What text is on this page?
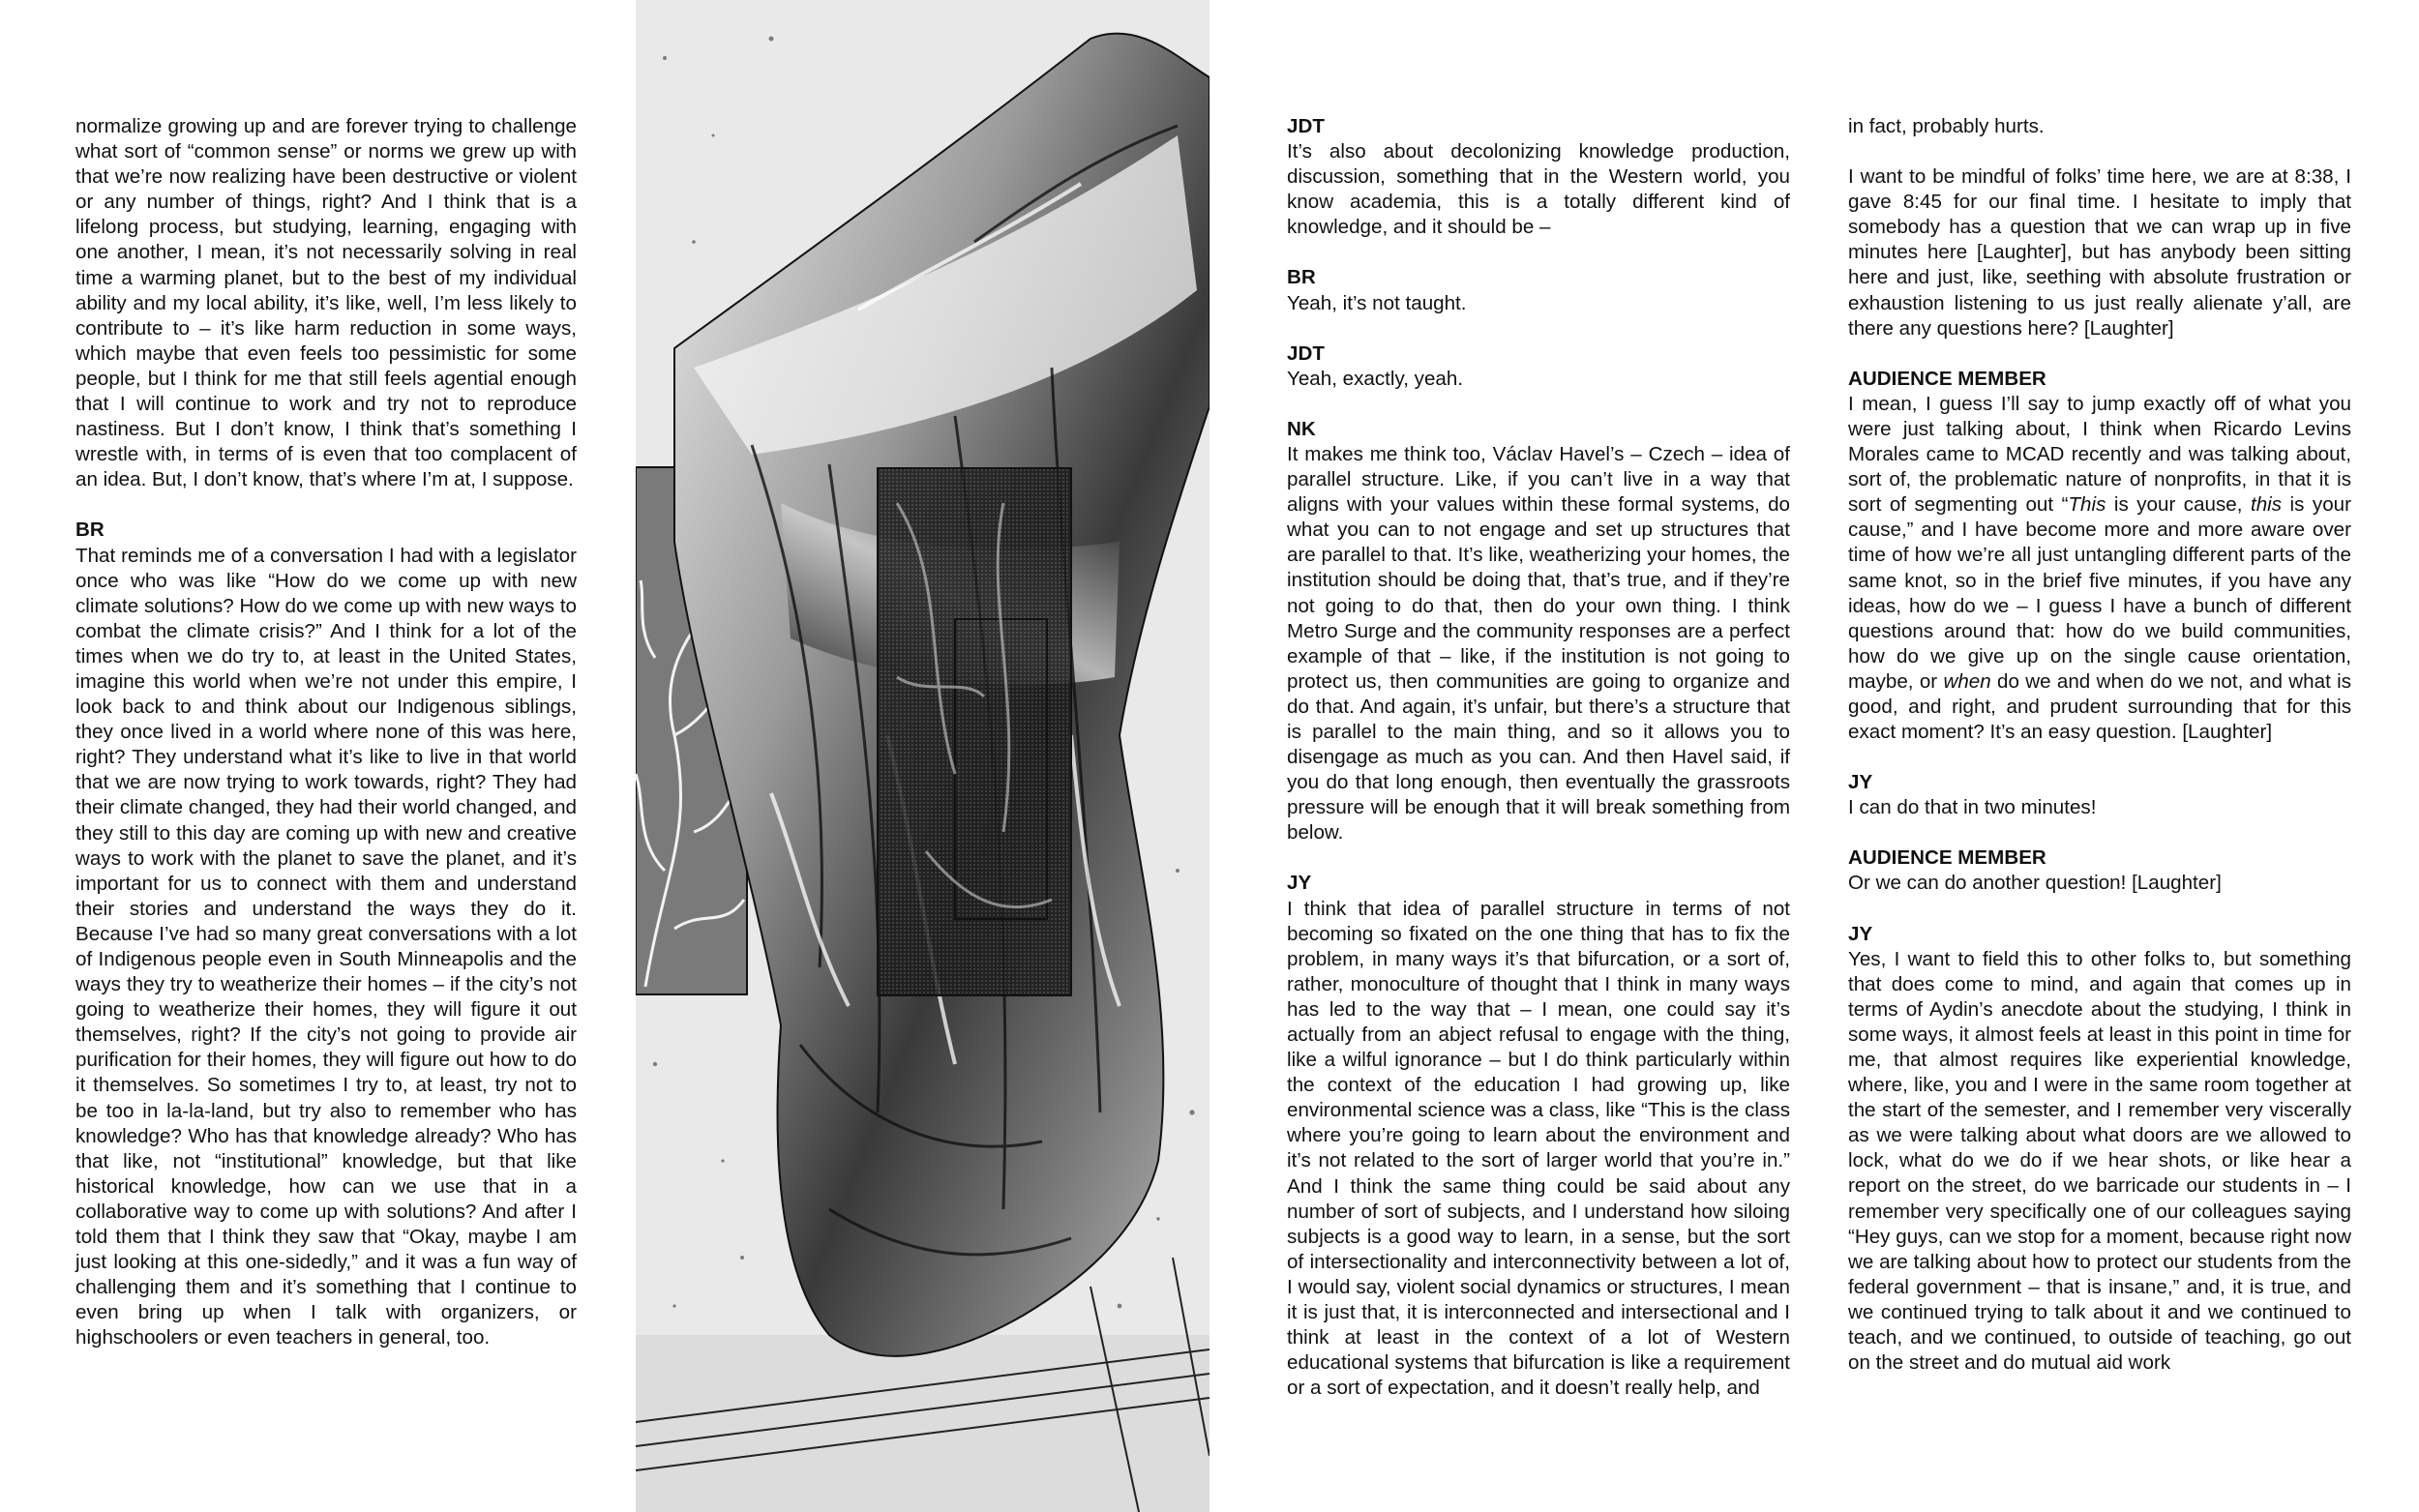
normalize growing up and are forever trying to challenge what sort of “common sense” or norms we grew up with that we’re now realizing have been destructive or violent or any number of things, right? And I think that is a lifelong process, but studying, learning, engaging with one another, I mean, it’s not necessarily solving in real time a warming planet, but to the best of my individual ability and my local ability, it’s like, well, I’m less likely to contribute to – it’s like harm reduction in some ways, which maybe that even feels too pessimistic for some people, but I think for me that still feels agential enough that I will continue to work and try not to reproduce nastiness. But I don’t know, I think that’s something I wrestle with, in terms of is even that too complacent of an idea. But, I don’t know, that’s where I’m at, I suppose.

BR
That reminds me of a conversation I had with a legislator once who was like “How do we come up with new climate solutions? How do we come up with new ways to combat the climate crisis?” And I think for a lot of the times when we do try to, at least in the United States, imagine this world when we’re not under this empire, I look back to and think about our Indigenous siblings, they once lived in a world where none of this was here, right? They understand what it’s like to live in that world that we are now trying to work towards, right? They had their climate changed, they had their world changed, and they still to this day are coming up with new and creative ways to work with the planet to save the planet, and it’s important for us to connect with them and understand their stories and understand the ways they do it. Because I’ve had so many great conversations with a lot of Indigenous people even in South Minneapolis and the ways they try to weatherize their homes – if the city’s not going to weatherize their homes, they will figure it out themselves, right? If the city’s not going to provide air purification for their homes, they will figure out how to do it themselves. So sometimes I try to, at least, try not to be too in la-la-land, but try also to remember who has knowledge? Who has that knowledge already? Who has that like, not “institutional” knowledge, but that like historical knowledge, how can we use that in a collaborative way to come up with solutions? And after I told them that I think they saw that “Okay, maybe I am just looking at this one-sidedly,” and it was a fun way of challenging them and it’s something that I continue to even bring up when I talk with organizers, or highschoolers or even teachers in general, too.

JDT
It’s also about decolonizing knowledge production, discussion, something that in the Western world, you know academia, this is a totally different kind of knowledge, and it should be –

BR
Yeah, it’s not taught.

JDT
Yeah, exactly, yeah.

NK
It makes me think too, Václav Havel’s – Czech – idea of parallel structure. Like, if you can’t live in a way that aligns with your values within these formal systems, do what you can to not engage and set up structures that are parallel to that. It’s like, weatherizing your homes, the institution should be doing that, that’s true, and if they’re not going to do that, then do your own thing. I think Metro Surge and the community responses are a perfect example of that – like, if the institution is not going to protect us, then communities are going to organize and do that. And again, it’s unfair, but there’s a structure that is parallel to the main thing, and so it allows you to disengage as much as you can. And then Havel said, if you do that long enough, then eventually the grassroots pressure will be enough that it will break something from below.

JY
I think that idea of parallel structure in terms of not becoming so fixated on the one thing that has to fix the problem, in many ways it’s that bifurcation, or a sort of, rather, monoculture of thought that I think in many ways has led to the way that – I mean, one could say it’s actually from an abject refusal to engage with the thing, like a wilful ignorance – but I do think particularly within the context of the education I had growing up, like environmental science was a class, like “This is the class where you’re going to learn about the environment and it’s not related to the sort of larger world that you’re in.” And I think the same thing could be said about any number of sort of subjects, and I understand how siloing subjects is a good way to learn, in a sense, but the sort of intersectionality and interconnectivity between a lot of, I would say, violent social dynamics or structures, I mean it is just that, it is interconnected and intersectional and I think at least in the context of a lot of Western educational systems that bifurcation is like a requirement or a sort of expectation, and it doesn’t really help, and

in fact, probably hurts.

I want to be mindful of folks’ time here, we are at 8:38, I gave 8:45 for our final time. I hesitate to imply that somebody has a question that we can wrap up in five minutes here [Laughter], but has anybody been sitting here and just, like, seething with absolute frustration or exhaustion listening to us just really alienate y’all, are there any questions here? [Laughter]

AUDIENCE MEMBER
I mean, I guess I’ll say to jump exactly off of what you were just talking about, I think when Ricardo Levins Morales came to MCAD recently and was talking about, sort of, the problematic nature of nonprofits, in that it is sort of segmenting out “This is your cause, this is your cause,” and I have become more and more aware over time of how we’re all just untangling different parts of the same knot, so in the brief five minutes, if you have any ideas, how do we – I guess I have a bunch of different questions around that: how do we build communities, how do we give up on the single cause orientation, maybe, or when do we and when do we not, and what is good, and right, and prudent surrounding that for this exact moment? It’s an easy question. [Laughter]

JY
I can do that in two minutes!

AUDIENCE MEMBER
Or we can do another question! [Laughter]

JY
Yes, I want to field this to other folks to, but something that does come to mind, and again that comes up in terms of Aydin’s anecdote about the studying, I think in some ways, it almost feels at least in this point in time for me, that almost requires like experiential knowledge, where, like, you and I were in the same room together at the start of the semester, and I remember very viscerally as we were talking about what doors are we allowed to lock, what do we do if we hear shots, or like hear a report on the street, do we barricade our students in – I remember very specifically one of our colleagues saying “Hey guys, can we stop for a moment, because right now we are talking about how to protect our students from the federal government – that is insane,” and, it is true, and we continued trying to talk about it and we continued to teach, and we continued, to outside of teaching, go out on the street and do mutual aid work
